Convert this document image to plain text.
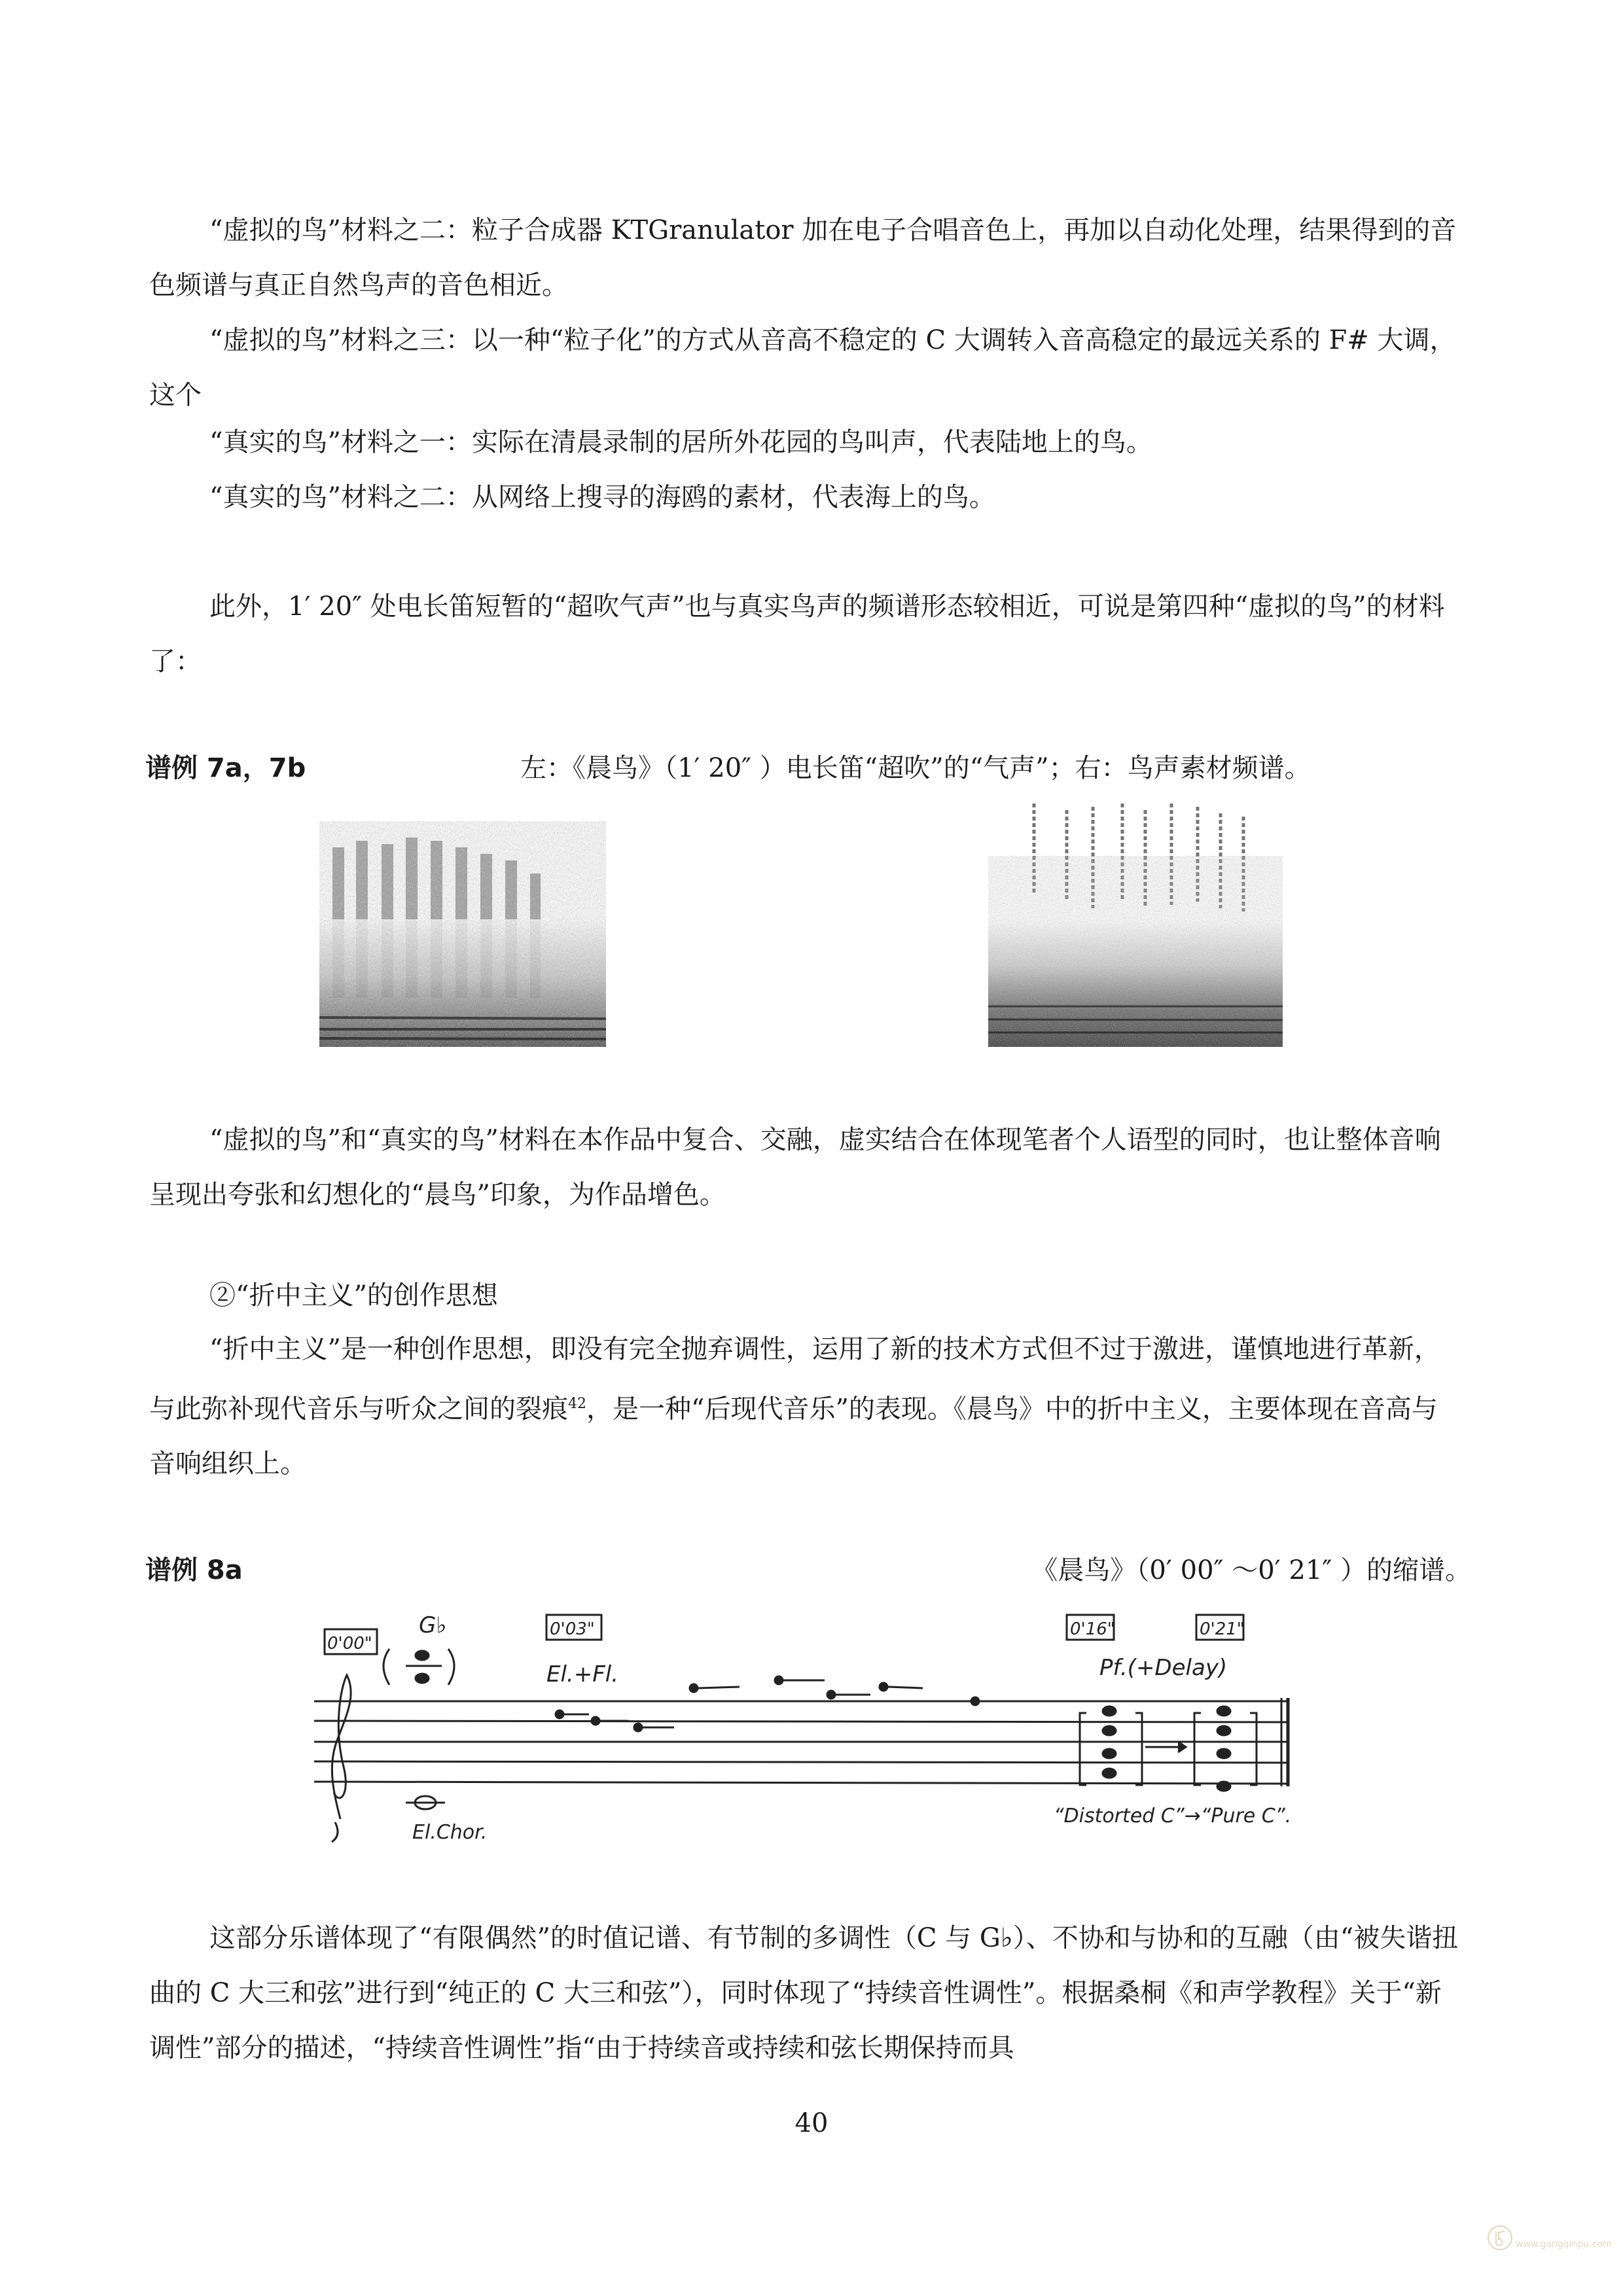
“虚拟的鸟”材料之二：粒子合成器 KTGranulator 加在电子合唱音色上，再加以自动化处理，结果得到的音色频谱与真正自然鸟声的音色相近。

“虚拟的鸟”材料之三：以一种“粒子化”的方式从音高不稳定的 C 大调转入音高稳定的最远关系的 F# 大调，这个

“真实的鸟”材料之一：实际在清晨录制的居所外花园的鸟叫声，代表陆地上的鸟。

“真实的鸟”材料之二：从网络上搜寻的海鸥的素材，代表海上的鸟。

此外，1′ 20″ 处电长笛短暂的“超吹气声”也与真实鸟声的频谱形态较相近，可说是第四种“虚拟的鸟”的材料了：

谱例 7a，7b	左：《晨鸟》（1′ 20″ ）电长笛“超吹”的“气声”；右：鸟声素材频谱。

“虚拟的鸟”和“真实的鸟”材料在本作品中复合、交融，虚实结合在体现笔者个人语型的同时，也让整体音响呈现出夸张和幻想化的“晨鸟”印象，为作品增色。

②“折中主义”的创作思想

“折中主义”是一种创作思想，即没有完全抛弃调性，运用了新的技术方式但不过于激进，谨慎地进行革新，与此弥补现代音乐与听众之间的裂痕$^{42}$，是一种“后现代音乐”的表现。《晨鸟》中的折中主义，主要体现在音高与音响组织上。

谱例 8a	《晨鸟》（0′ 00″ ～0′ 21″ ）的缩谱。
0'00"
G♭	0'03"
El.+Fl.
0'16"	0'21"
Pf.(+Delay)
El.Chor.
“Distorted C”→“Pure C”.

这部分乐谱体现了“有限偶然”的时值记谱、有节制的多调性（C 与 G♭）、不协和与协和的互融（由“被失谐扭曲的 C 大三和弦”进行到“纯正的 C 大三和弦”），同时体现了“持续音性调性”。根据桑桐《和声学教程》关于“新调性”部分的描述，“持续音性调性”指“由于持续音或持续和弦长期保持而具

40
www.gangqinpu.com
